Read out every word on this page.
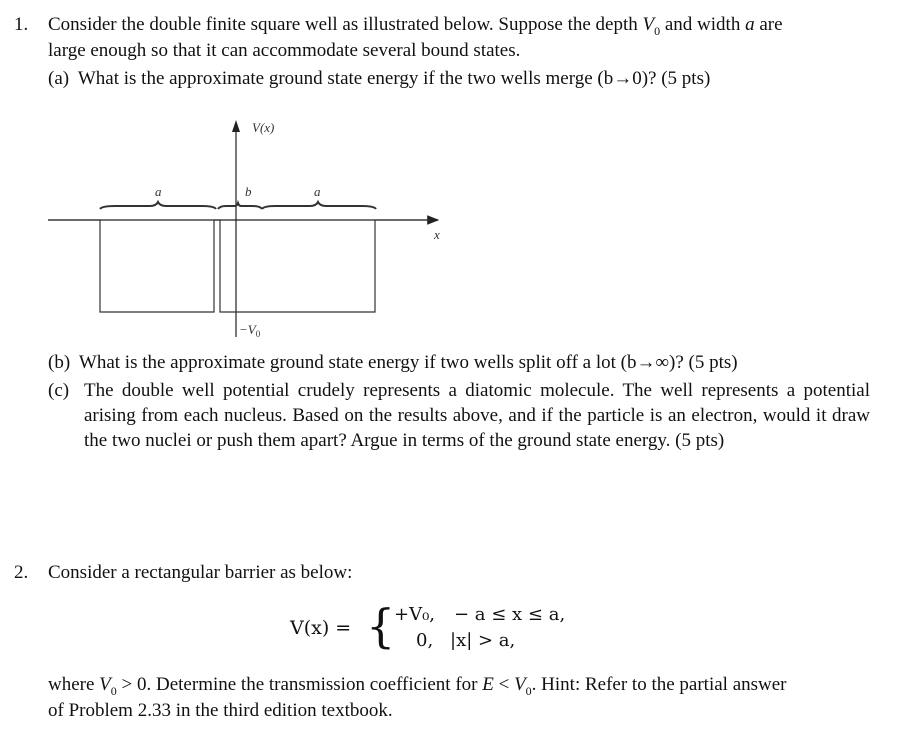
1. Consider the double finite square well as illustrated below. Suppose the depth $V_0$ and width a are
large enough so that it can accommodate several bound states.
(a) What is the approximate ground state energy if the two wells merge (b→0)? (5 pts)
V(x)
x
a	b	a
$-V_0$
(b) What is the approximate ground state energy if two wells split off a lot (b→∞)? (5 pts)
(c) The double well potential crudely represents a diatomic molecule. The well represents a potential arising from each nucleus. Based on the results above, and if the particle is an electron, would it draw the two nuclei or push them apart? Argue in terms of the ground state energy. (5 pts)
2. Consider a rectangular barrier as below:
V(x) = {
+V₀, − a ≤ x ≤ a,
0, |x| > a,
where $V_0 > 0$. Determine the transmission coefficient for $E < V_0$. Hint: Refer to the partial answer
of Problem 2.33 in the third edition textbook.
